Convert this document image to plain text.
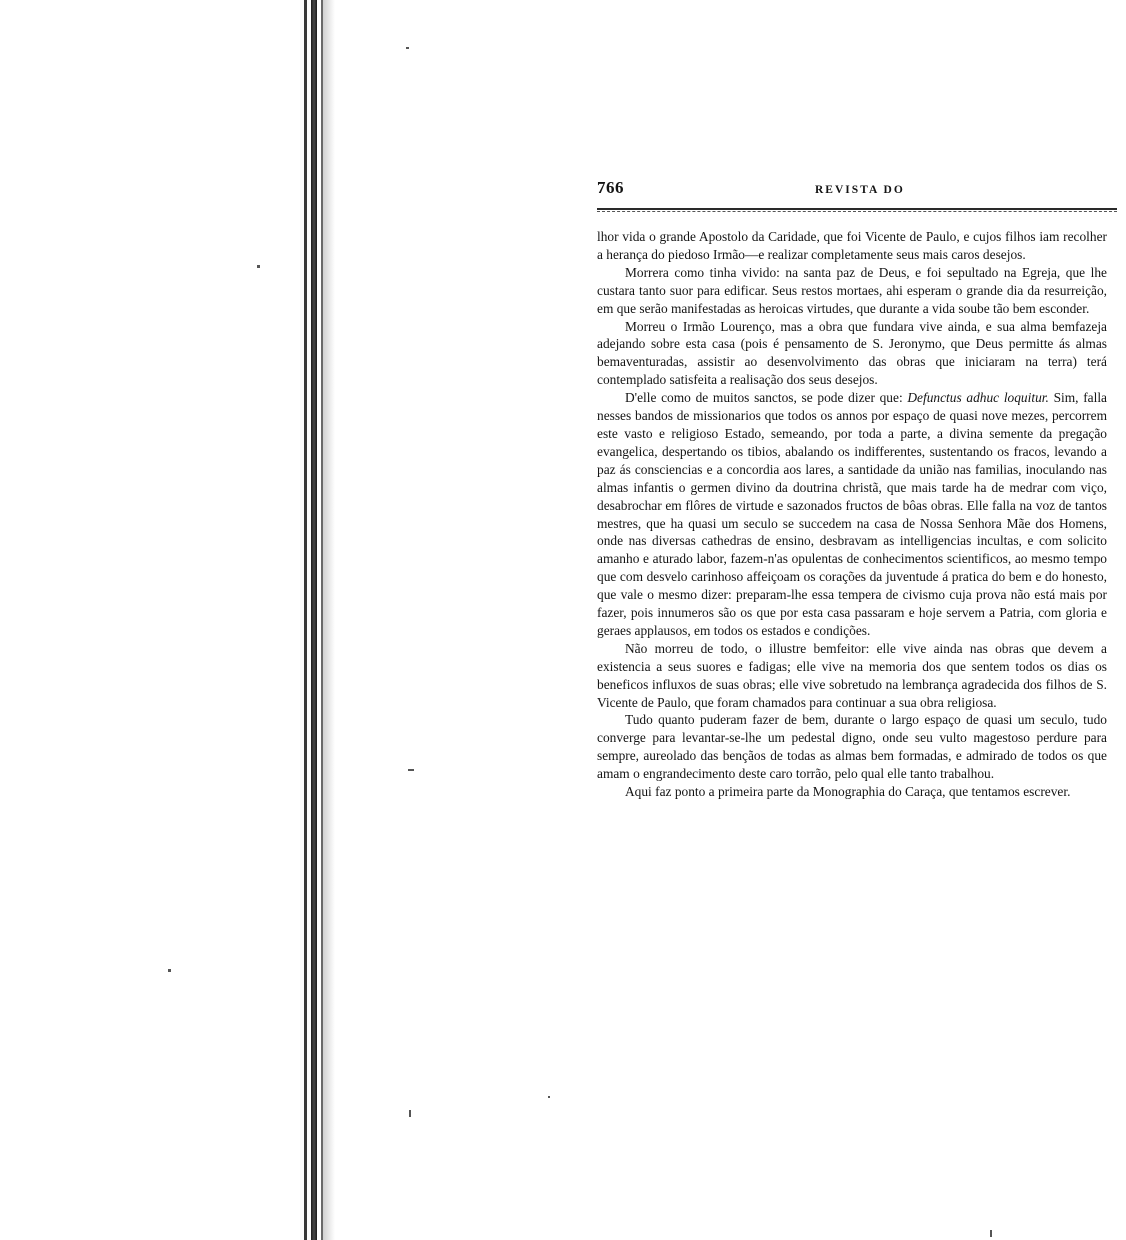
766	REVISTA DO

lhor vida o grande Apostolo da Caridade, que foi Vicente de Paulo, e cujos filhos iam recolher a herança do piedoso Irmão—e realizar completamente seus mais caros desejos.

Morrera como tinha vivido: na santa paz de Deus, e foi sepultado na Egreja, que lhe custara tanto suor para edificar. Seus restos mortaes, ahi esperam o grande dia da resurreição, em que serão manifestadas as heroicas virtudes, que durante a vida soube tão bem esconder.

Morreu o Irmão Lourenço, mas a obra que fundara vive ainda, e sua alma bemfazeja adejando sobre esta casa (pois é pensamento de S. Jeronymo, que Deus permitte ás almas bemaventuradas, assistir ao desenvolvimento das obras que iniciaram na terra) terá contemplado satisfeita a realisação dos seus desejos.

D'elle como de muitos sanctos, se pode dizer que: Defunctus adhuc loquitur. Sim, falla nesses bandos de missionarios que todos os annos por espaço de quasi nove mezes, percorrem este vasto e religioso Estado, semeando, por toda a parte, a divina semente da pregação evangelica, despertando os tibios, abalando os indifferentes, sustentando os fracos, levando a paz ás consciencias e a concordia aos lares, a santidade da união nas familias, inoculando nas almas infantis o germen divino da doutrina christã, que mais tarde ha de medrar com viço, desabrochar em flôres de virtude e sazonados fructos de bôas obras. Elle falla na voz de tantos mestres, que ha quasi um seculo se succedem na casa de Nossa Senhora Mãe dos Homens, onde nas diversas cathedras de ensino, desbravam as intelligencias incultas, e com solicito amanho e aturado labor, fazem-n'as opulentas de conhecimentos scientificos, ao mesmo tempo que com desvelo carinhoso affeiçoam os corações da juventude á pratica do bem e do honesto, que vale o mesmo dizer: preparam-lhe essa tempera de civismo cuja prova não está mais por fazer, pois innumeros são os que por esta casa passaram e hoje servem a Patria, com gloria e geraes applausos, em todos os estados e condições.

Não morreu de todo, o illustre bemfeitor: elle vive ainda nas obras que devem a existencia a seus suores e fadigas; elle vive na memoria dos que sentem todos os dias os beneficos influxos de suas obras; elle vive sobretudo na lembrança agradecida dos filhos de S. Vicente de Paulo, que foram chamados para continuar a sua obra religiosa.

Tudo quanto puderam fazer de bem, durante o largo espaço de quasi um seculo, tudo converge para levantar-se-lhe um pedestal digno, onde seu vulto magestoso perdure para sempre, aureolado das bençãos de todas as almas bem formadas, e admirado de todos os que amam o engrandecimento deste caro torrão, pelo qual elle tanto trabalhou.

Aqui faz ponto a primeira parte da Monographia do Caraça, que tentamos escrever.
